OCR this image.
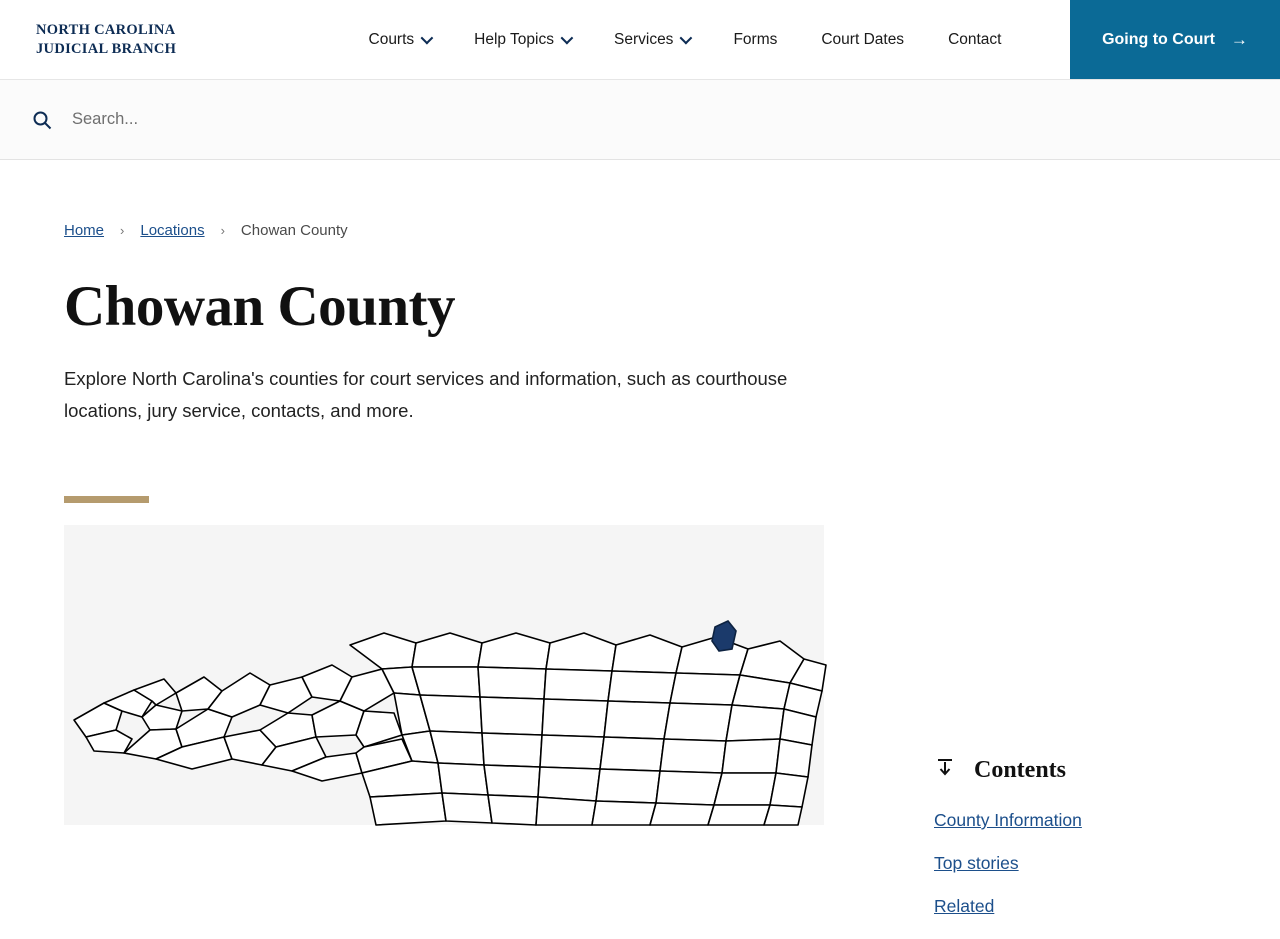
NORTH CAROLINA
JUDICIAL BRANCH
Courts	Help Topics	Services	Forms	Court Dates	Contact	Going to Court →
Search...
Home	›	Locations	›	Chowan County
Chowan County

Explore North Carolina's counties for court services and information, such as courthouse locations, jury service, contacts, and more.

Contents
County Information
Top stories
Related
